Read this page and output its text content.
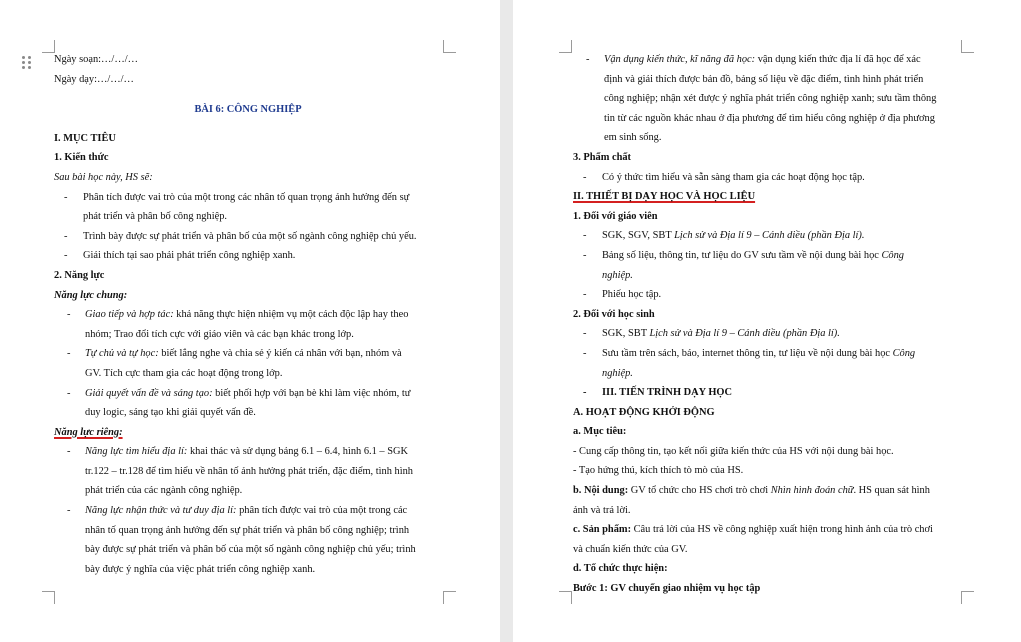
Ngày soạn:…/…/…
Ngày dạy:…/…/…
BÀI 6: CÔNG NGHIỆP
I. MỤC TIÊU
1. Kiến thức
Sau bài học này, HS sẽ:
- Phân tích được vai trò của một trong các nhân tố quan trọng ảnh hưởng đến sự
phát triển và phân bố công nghiệp.
- Trình bày được sự phát triển và phân bố của một số ngành công nghiệp chủ yếu.
- Giải thích tại sao phải phát triển công nghiệp xanh.
2. Năng lực
Năng lực chung:
- Giao tiếp và hợp tác: khả năng thực hiện nhiệm vụ một cách độc lập hay theo
nhóm; Trao đổi tích cực với giáo viên và các bạn khác trong lớp.
- Tự chủ và tự học: biết lắng nghe và chia sẻ ý kiến cá nhân với bạn, nhóm và
GV. Tích cực tham gia các hoạt động trong lớp.
- Giải quyết vấn đề và sáng tạo: biết phối hợp với bạn bè khi làm việc nhóm, tư
duy logic, sáng tạo khi giải quyết vấn đề.
Năng lực riêng:
- Năng lực tìm hiểu địa lí: khai thác và sử dụng bảng 6.1 – 6.4, hình 6.1 – SGK
tr.122 – tr.128 để tìm hiểu về nhân tố ảnh hưởng phát triển, đặc điểm, tình hình
phát triển của các ngành công nghiệp.
- Năng lực nhận thức và tư duy địa lí: phân tích được vai trò của một trong các
nhân tố quan trọng ảnh hưởng đến sự phát triển và phân bố công nghiệp; trình
bày được sự phát triển và phân bố của một số ngành công nghiệp chủ yếu; trình
bày được ý nghĩa của việc phát triển công nghiệp xanh.
- Vận dụng kiến thức, kĩ năng đã học: vận dụng kiến thức địa lí đã học để xác
định và giải thích được bản đồ, bảng số liệu về đặc điểm, tình hình phát triển
công nghiệp; nhận xét được ý nghĩa phát triển công nghiệp xanh; sưu tầm thông
tin từ các nguồn khác nhau ở địa phương để tìm hiểu công nghiệp ở địa phương
em sinh sống.
3. Phẩm chất
- Có ý thức tìm hiểu và sẵn sàng tham gia các hoạt động học tập.
II. THIẾT BỊ DẠY HỌC VÀ HỌC LIỆU
1. Đối với giáo viên
- SGK, SGV, SBT Lịch sử và Địa lí 9 – Cánh diều (phần Địa lí).
- Bảng số liệu, thông tin, tư liệu do GV sưu tầm về nội dung bài học Công
nghiệp.
- Phiếu học tập.
2. Đối với học sinh
- SGK, SBT Lịch sử và Địa lí 9 – Cánh diều (phần Địa lí).
- Sưu tầm trên sách, báo, internet thông tin, tư liệu về nội dung bài học Công
nghiệp.
- III. TIẾN TRÌNH DẠY HỌC
A. HOẠT ĐỘNG KHỞI ĐỘNG
a. Mục tiêu:
- Cung cấp thông tin, tạo kết nối giữa kiến thức của HS với nội dung bài học.
- Tạo hứng thú, kích thích tò mò của HS.
b. Nội dung: GV tổ chức cho HS chơi trò chơi Nhìn hình đoán chữ. HS quan sát hình
ảnh và trả lời.
c. Sản phẩm: Câu trả lời của HS về công nghiệp xuất hiện trong hình ảnh của trò chơi
và chuẩn kiến thức của GV.
d. Tổ chức thực hiện:
Bước 1: GV chuyển giao nhiệm vụ học tập
